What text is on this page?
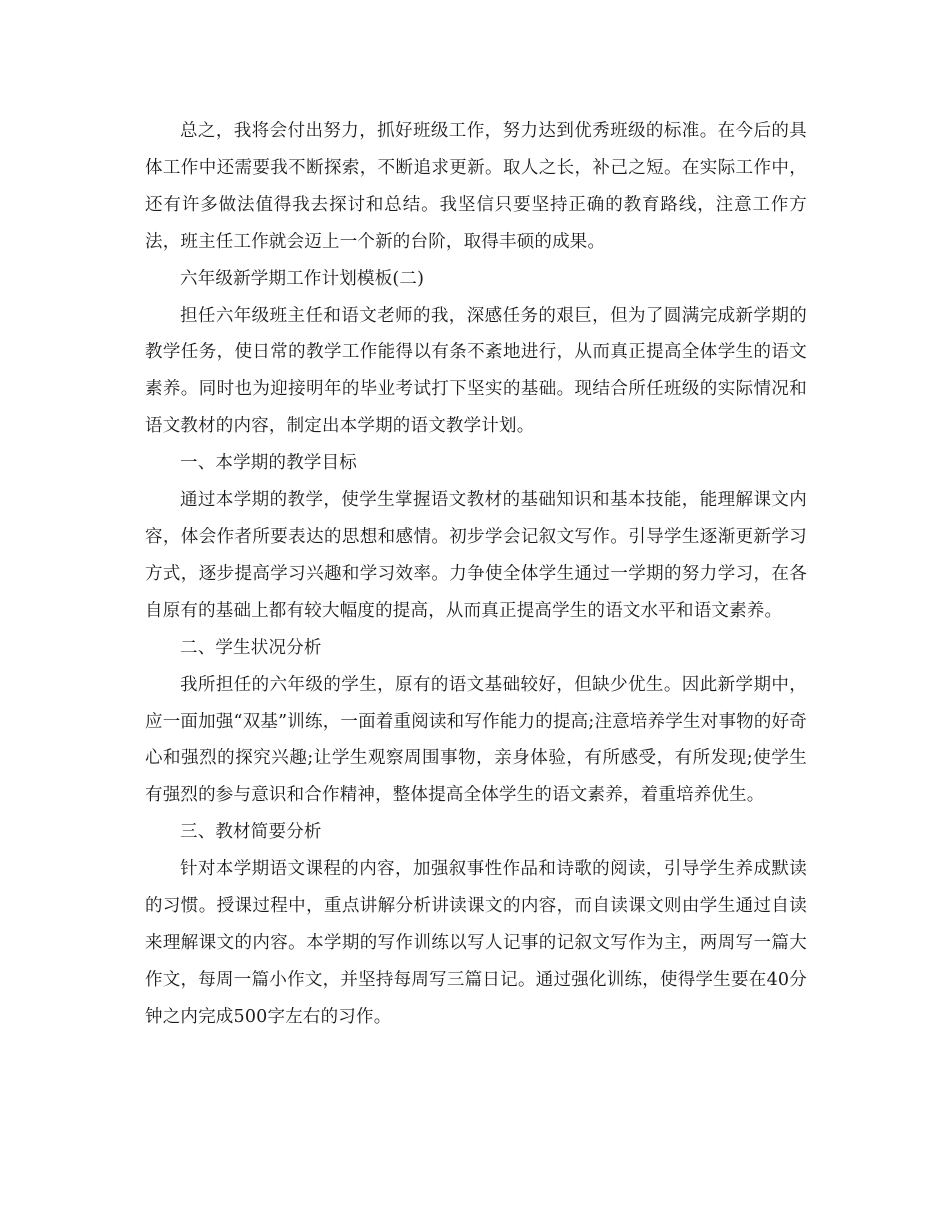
总之，我将会付出努力，抓好班级工作，努力达到优秀班级的标准。在今后的具体工作中还需要我不断探索，不断追求更新。取人之长，补己之短。在实际工作中，还有许多做法值得我去探讨和总结。我坚信只要坚持正确的教育路线，注意工作方法，班主任工作就会迈上一个新的台阶，取得丰硕的成果。

六年级新学期工作计划模板(二)

担任六年级班主任和语文老师的我，深感任务的艰巨，但为了圆满完成新学期的教学任务，使日常的教学工作能得以有条不紊地进行，从而真正提高全体学生的语文素养。同时也为迎接明年的毕业考试打下坚实的基础。现结合所任班级的实际情况和语文教材的内容，制定出本学期的语文教学计划。

一、本学期的教学目标

通过本学期的教学，使学生掌握语文教材的基础知识和基本技能，能理解课文内容，体会作者所要表达的思想和感情。初步学会记叙文写作。引导学生逐渐更新学习方式，逐步提高学习兴趣和学习效率。力争使全体学生通过一学期的努力学习，在各自原有的基础上都有较大幅度的提高，从而真正提高学生的语文水平和语文素养。

二、学生状况分析

我所担任的六年级的学生，原有的语文基础较好，但缺少优生。因此新学期中，应一面加强“双基”训练，一面着重阅读和写作能力的提高;注意培养学生对事物的好奇心和强烈的探究兴趣;让学生观察周围事物，亲身体验，有所感受，有所发现;使学生有强烈的参与意识和合作精神，整体提高全体学生的语文素养，着重培养优生。

三、教材简要分析

针对本学期语文课程的内容，加强叙事性作品和诗歌的阅读，引导学生养成默读的习惯。授课过程中，重点讲解分析讲读课文的内容，而自读课文则由学生通过自读来理解课文的内容。本学期的写作训练以写人记事的记叙文写作为主，两周写一篇大作文，每周一篇小作文，并坚持每周写三篇日记。通过强化训练，使得学生要在40分钟之内完成500字左右的习作。
